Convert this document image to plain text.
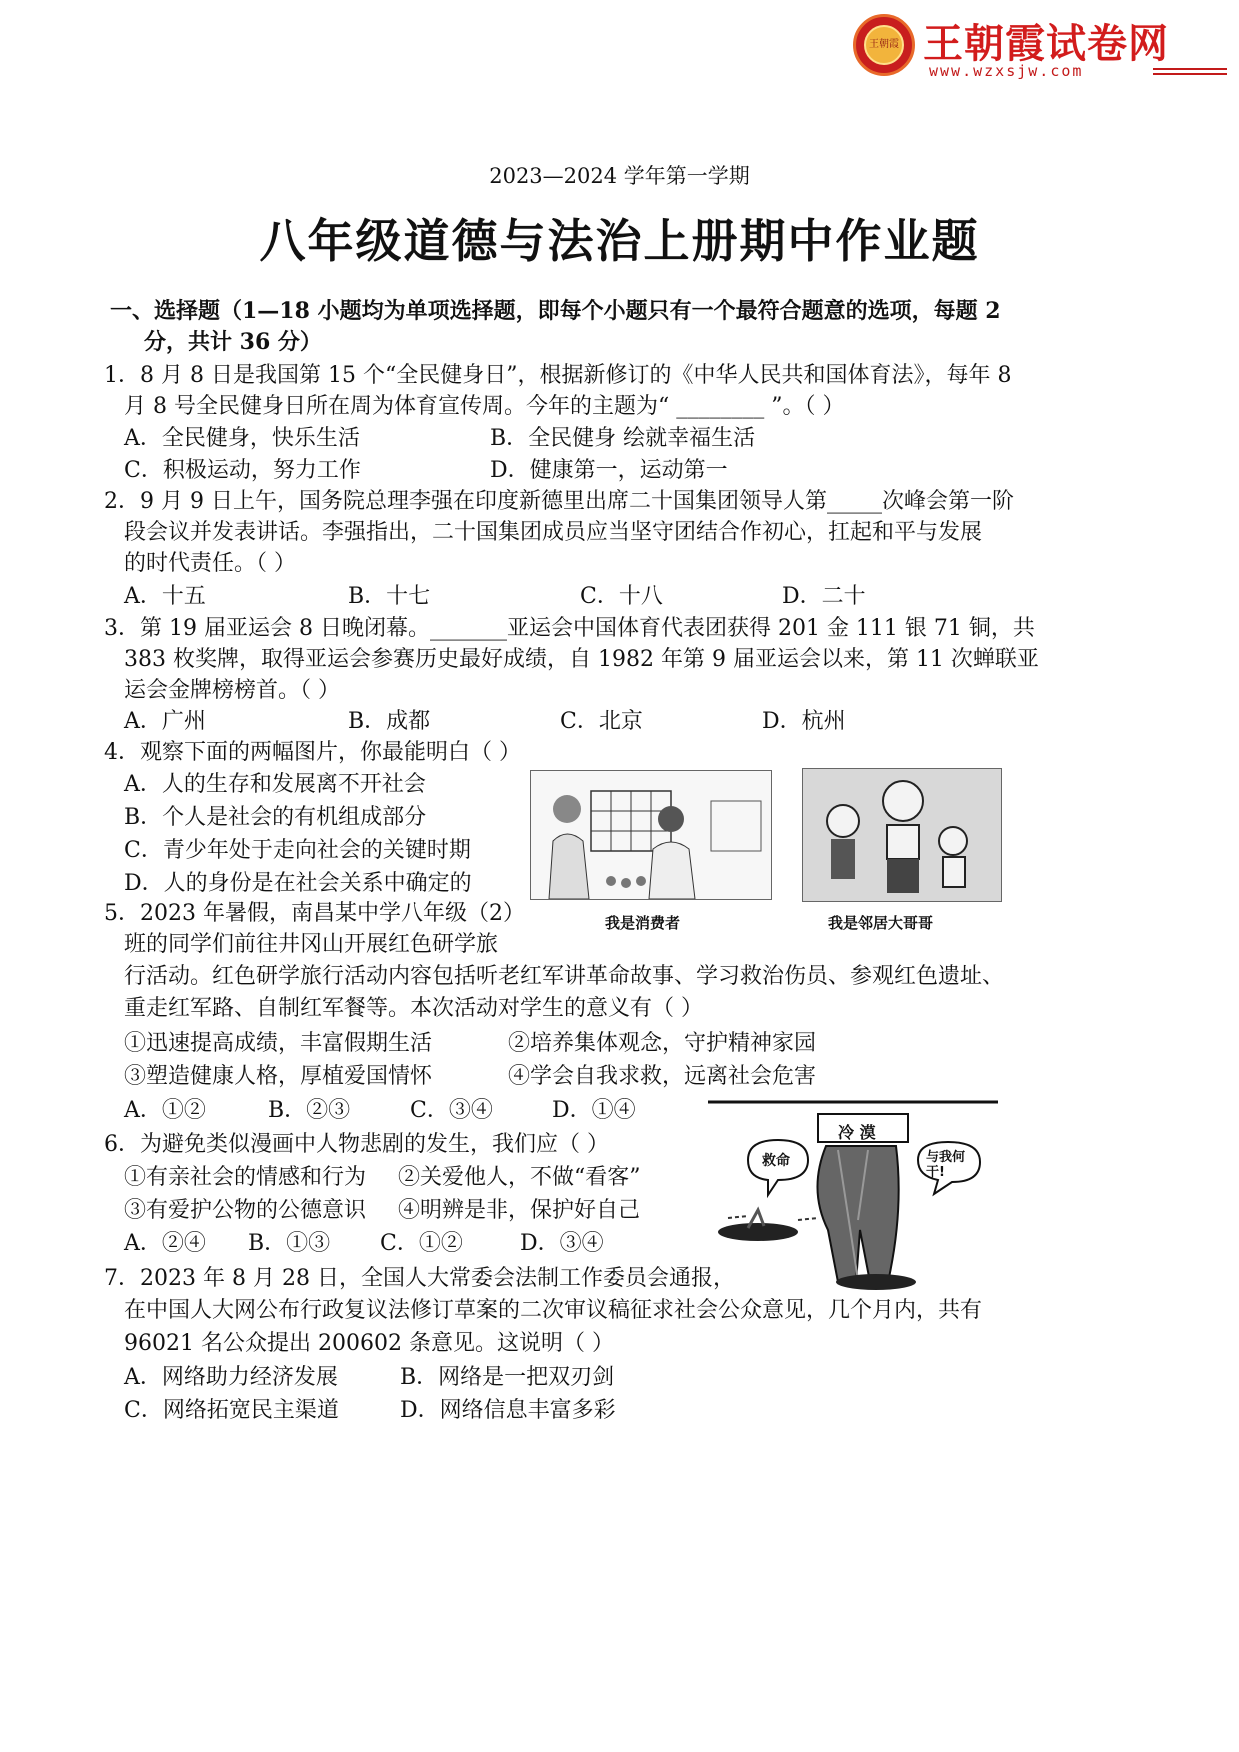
王朝霞 王朝霞试卷网
www.wzxsjw.com
2023—2024 学年第一学期
八年级道德与法治上册期中作业题
一、选择题（1—18 小题均为单项选择题，即每个小题只有一个最符合题意的选项，每题 2
分，共计 36 分）
1．8 月 8 日是我国第 15 个“全民健身日”，根据新修订的《中华人民共和国体育法》，每年 8
月 8 号全民健身日所在周为体育宣传周。今年的主题为“ ________ ”。（ ）
A．全民健身，快乐生活	B．全民健身 绘就幸福生活
C．积极运动，努力工作	D．健康第一，运动第一
2．9 月 9 日上午，国务院总理李强在印度新德里出席二十国集团领导人第_____次峰会第一阶
段会议并发表讲话。李强指出，二十国集团成员应当坚守团结合作初心，扛起和平与发展
的时代责任。（ ）
A．十五	B．十七	C．十八	D．二十
3．第 19 届亚运会 8 日晚闭幕。_______亚运会中国体育代表团获得 201 金 111 银 71 铜，共
383 枚奖牌，取得亚运会参赛历史最好成绩，自 1982 年第 9 届亚运会以来，第 11 次蝉联亚
运会金牌榜榜首。（ ）
A．广州	B．成都	C．北京	D．杭州
4．观察下面的两幅图片，你最能明白（ ）
A．人的生存和发展离不开社会
B．个人是社会的有机组成部分
C．青少年处于走向社会的关键时期
D．人的身份是在社会关系中确定的
我是消费者	我是邻居大哥哥
5．2023 年暑假，南昌某中学八年级（2）
班的同学们前往井冈山开展红色研学旅
行活动。红色研学旅行活动内容包括听老红军讲革命故事、学习救治伤员、参观红色遗址、
重走红军路、自制红军餐等。本次活动对学生的意义有（ ）
①迅速提高成绩，丰富假期生活	②培养集体观念，守护精神家园
③塑造健康人格，厚植爱国情怀	④学会自我求救，远离社会危害
A．①②	B．②③	C．③④	D．①④
6．为避免类似漫画中人物悲剧的发生，我们应（ ）
①有亲社会的情感和行为 ②关爱他人，不做“看客”
③有爱护公物的公德意识 ④明辨是非，保护好自己
A．②④ B．①③ C．①②	D．③④
冷 漠
救命	与我何干!
7．2023 年 8 月 28 日，全国人大常委会法制工作委员会通报，
在中国人大网公布行政复议法修订草案的二次审议稿征求社会公众意见，几个月内，共有
96021 名公众提出 200602 条意见。这说明（ ）
A．网络助力经济发展	B．网络是一把双刃剑
C．网络拓宽民主渠道	D．网络信息丰富多彩
